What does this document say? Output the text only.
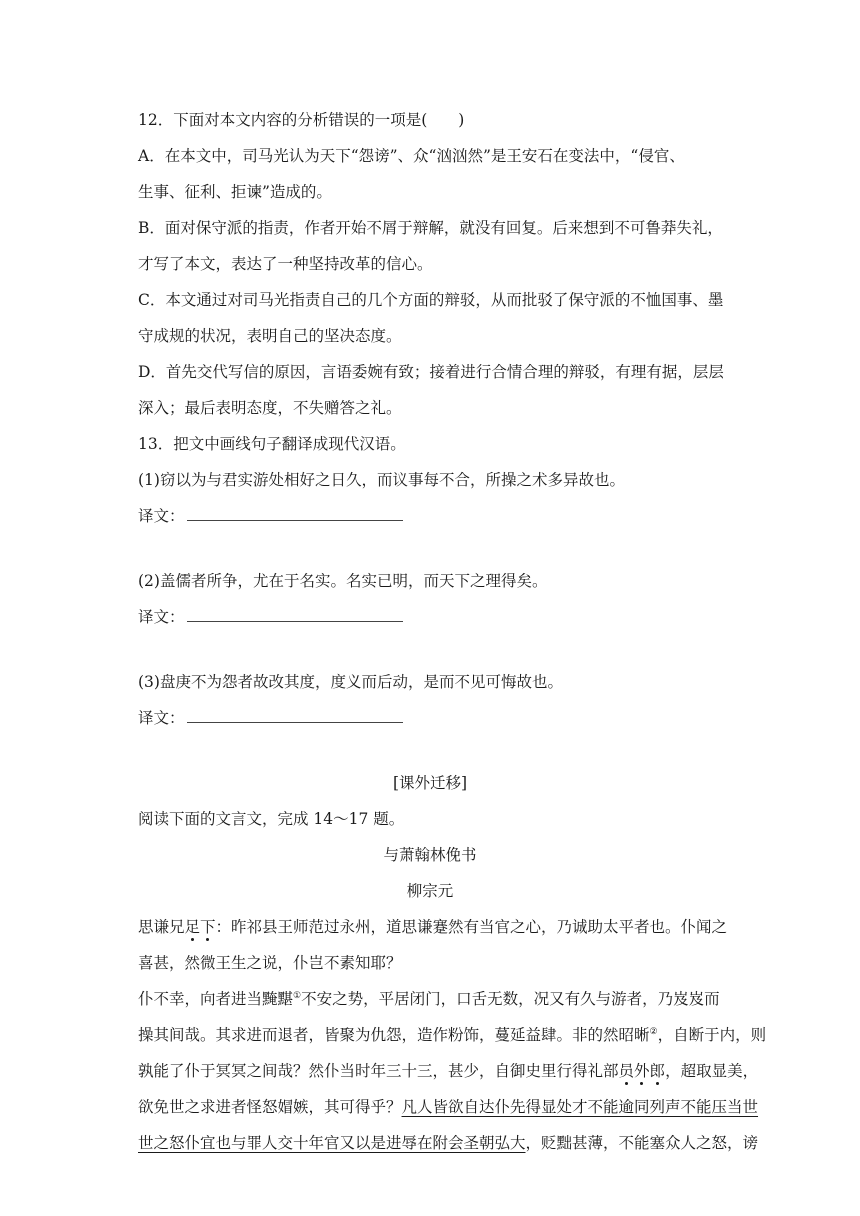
12．下面对本文内容的分析错误的一项是(　　)
A．在本文中，司马光认为天下“怨谤”、众“汹汹然”是王安石在变法中，“侵官、
生事、征利、拒谏”造成的。
B．面对保守派的指责，作者开始不屑于辩解，就没有回复。后来想到不可鲁莽失礼，
才写了本文，表达了一种坚持改革的信心。
C．本文通过对司马光指责自己的几个方面的辩驳，从而批驳了保守派的不恤国事、墨
守成规的状况，表明自己的坚决态度。
D．首先交代写信的原因，言语委婉有致；接着进行合情合理的辩驳，有理有据，层层
深入；最后表明态度，不失赠答之礼。
13．把文中画线句子翻译成现代汉语。
(1)窃以为与君实游处相好之日久，而议事每不合，所操之术多异故也。
译文：
(2)盖儒者所争，尤在于名实。名实已明，而天下之理得矣。
译文：
(3)盘庚不为怨者故改其度，度义而后动，是而不见可悔故也。
译文：
[课外迁移]
阅读下面的文言文，完成 14～17 题。
与萧翰林俛书
柳宗元
思谦兄足下：昨祁县王师范过永州，道思谦蹇然有当官之心，乃诚助太平者也。仆闻之
喜甚，然微王生之说，仆岂不素知耶？
仆不幸，向者进当黤黮①不安之势，平居闭门，口舌无数，况又有久与游者，乃岌岌而
操其间哉。其求进而退者，皆聚为仇怨，造作粉饰，蔓延益肆。非的然昭晰②，自断于内，则
孰能了仆于冥冥之间哉？然仆当时年三十三，甚少，自御史里行得礼部员外郎，超取显美，
欲免世之求进者怪怒媢嫉，其可得乎？凡人皆欲自达仆先得显处才不能逾同列声不能压当世
世之怒仆宜也与罪人交十年官又以是进辱在附会圣朝弘大，贬黜甚薄，不能塞众人之怒，谤
